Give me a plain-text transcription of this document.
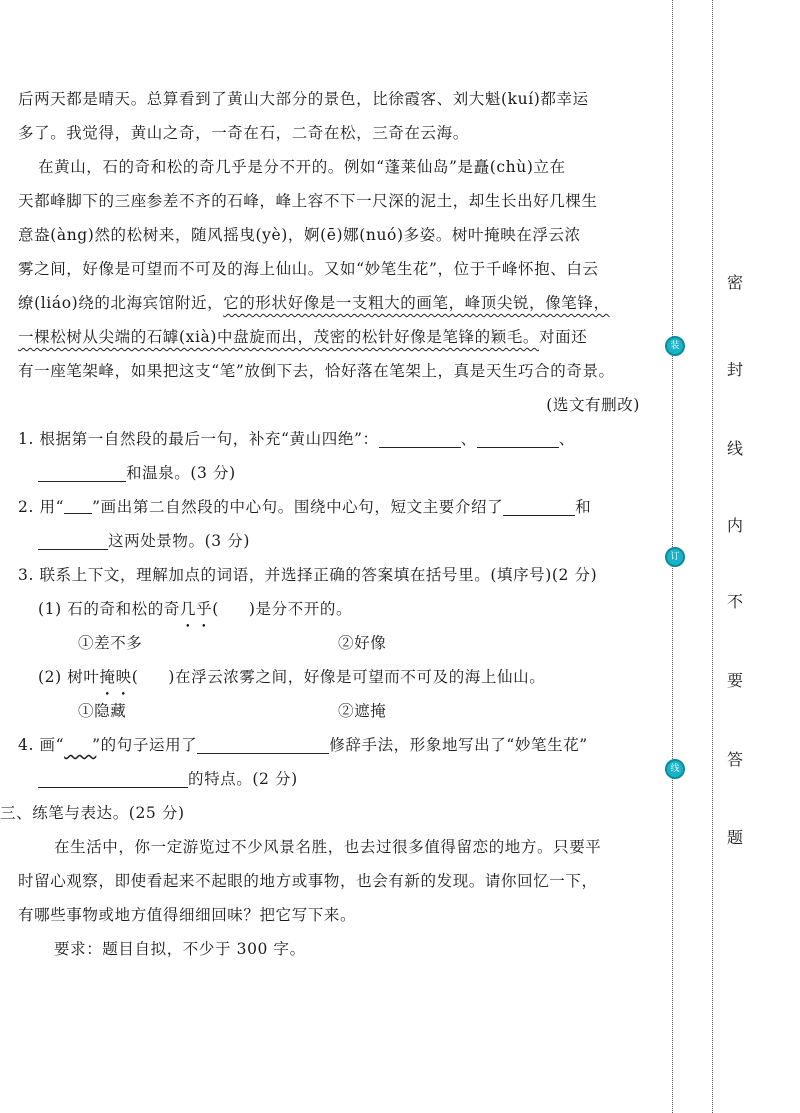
后两天都是晴天。总算看到了黄山大部分的景色，比徐霞客、刘大魁(kuí)都幸运
多了。我觉得，黄山之奇，一奇在石，二奇在松，三奇在云海。
在黄山，石的奇和松的奇几乎是分不开的。例如“蓬莱仙岛”是矗(chù)立在
天都峰脚下的三座参差不齐的石峰，峰上容不下一尺深的泥土，却生长出好几棵生
意盎(àng)然的松树来，随风摇曳(yè)，婀(ē)娜(nuó)多姿。树叶掩映在浮云浓
雾之间，好像是可望而不可及的海上仙山。又如“妙笔生花”，位于千峰怀抱、白云
缭(liáo)绕的北海宾馆附近，它的形状好像是一支粗大的画笔，峰顶尖锐，像笔锋，
一棵松树从尖端的石罅(xià)中盘旋而出，茂密的松针好像是笔锋的颖毛。对面还
有一座笔架峰，如果把这支“笔”放倒下去，恰好落在笔架上，真是天生巧合的奇景。
(选文有删改)
1. 根据第一自然段的最后一句，补充“黄山四绝”：	、	、
和温泉。(3 分)
2. 用“ ”画出第二自然段的中心句。围绕中心句，短文主要介绍了	和
这两处景物。(3 分)
3. 联系上下文，理解加点的词语，并选择正确的答案填在括号里。(填序号)(2 分)
(1) 石的奇和松的奇几乎( )是分不开的。
①差不多	②好像
(2) 树叶掩映( )在浮云浓雾之间，好像是可望而不可及的海上仙山。
①隐藏	②遮掩
4. 画“​　　”的句子运用了	修辞手法，形象地写出了“妙笔生花”
的特点。(2 分)
三、练笔与表达。(25 分)
在生活中，你一定游览过不少风景名胜，也去过很多值得留恋的地方。只要平
时留心观察，即使看起来不起眼的地方或事物，也会有新的发现。请你回忆一下，
有哪些事物或地方值得细细回味？把它写下来。
要求：题目自拟，不少于 300 字。
装
订
线
密
封
线
内
不
要
答
题
